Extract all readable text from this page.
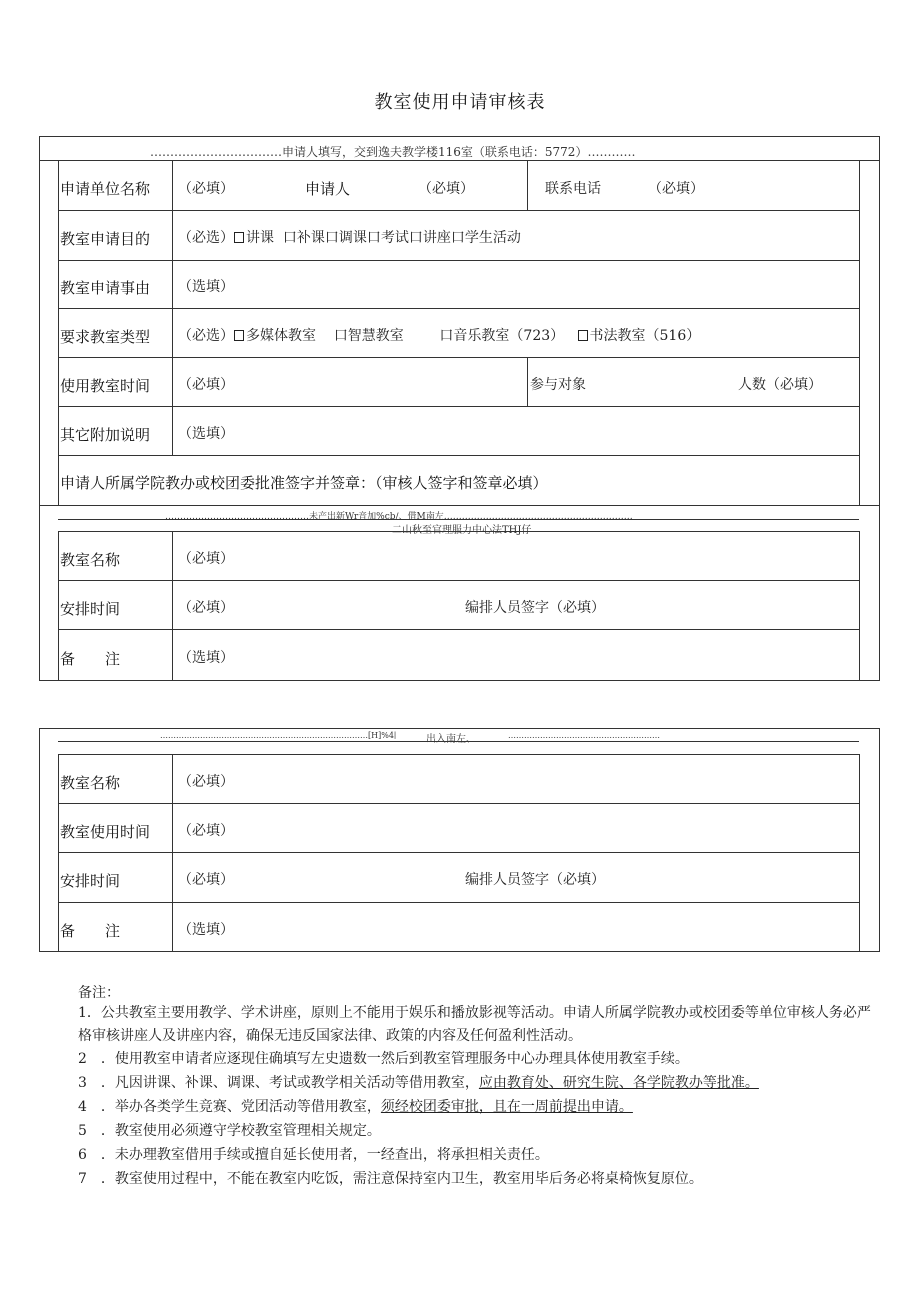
教室使用申请审核表
……………………………申请人填写，交到逸夫教学楼116室（联系电话：5772）…………
申请单位名称 （必填）	申请人	（必填）	联系电话	（必填）
教室申请目的 （必选） 讲课 口补课口调课口考试口讲座口学生活动
教室申请事由 （选填）
要求教室类型 （必选） 多媒体教室 口智慧教室	口音乐教室（723） 书法教室（516）
使用教室时间 （必填）	参与对象	人数（必填）
其它附加说明 （选填）
申请人所属学院教办或校团委批准签字并签章：（审核人签字和签章必填）
…………………………………………未产出新Wr音加%cb∕、借M南左………………………………………………………
二山秋至官理服力中心法THJ仔
教室名称	（必填）
安排时间	（必填）	编排人员签字（必填）
备　　注	（选填）
……………………………………………………………………[H]%4∣	出入南左、	…………………………………………………
教室名称	（必填）
教室使用时间 （必填）
安排时间	（必填）	编排人员签字（必填）
备　　注	（选填）
备注：
1．公共教室主要用教学、学术讲座，原则上不能用于娱乐和播放影视等活动。申请人所属学院教办或校团委等单位审核人务必严格审核讲座人及讲座内容，确保无违反国家法律、政策的内容及任何盈利性活动。
2　．使用教室申请者应逐现住确填写左史遗数一然后到教室管理服务中心办理具体使用教室手续。
3　．凡因讲课、补课、调课、考试或教学相关活动等借用教室，应由教育处、研究生院、各学院教办等批准。
4　．举办各类学生竞赛、党团活动等借用教室，须经校团委审批，且在一周前提出申请。
5　．教室使用必须遵守学校教室管理相关规定。
6　．未办理教室借用手续或擅自延长使用者，一经查出，将承担相关责任。
7　．教室使用过程中，不能在教室内吃饭，需注意保持室内卫生，教室用毕后务必将桌椅恢复原位。
